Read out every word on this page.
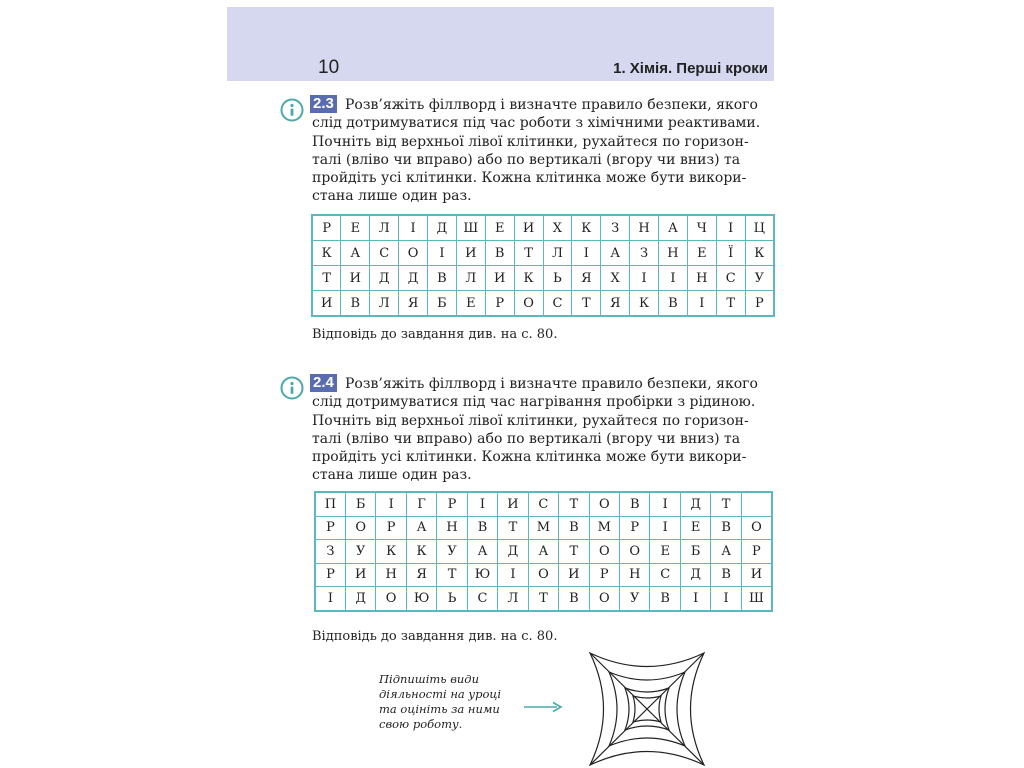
10	1. Хімія. Перші кроки
2.3 Розв’яжіть філлворд і визначте правило безпеки, якого
слід дотримуватися під час роботи з хімічними реактивами.
Почніть від верхньої лівої клітинки, рухайтеся по горизон-
талі (вліво чи вправо) або по вертикалі (вгору чи вниз) та
пройдіть усі клітинки. Кожна клітинка може бути викори-
стана лише один раз.

Р	Е	Л	І	Д	Ш	Е	И	Х	К	З	Н	А	Ч	І	Ц
К	А	С	О	І	И	В	Т	Л	І	А	З	Н	Е	Ї	К
Т	И	Д	Д	В	Л	И	К	Ь	Я	Х	І	І	Н	С	У
И	В	Л	Я	Б	Е	Р	О	С	Т	Я	К	В	І	Т	Р
Відповідь до завдання див. на с. 80.
2.4 Розв’яжіть філлворд і визначте правило безпеки, якого
слід дотримуватися під час нагрівання пробірки з рідиною.
Почніть від верхньої лівої клітинки, рухайтеся по горизон-
талі (вліво чи вправо) або по вертикалі (вгору чи вниз) та
пройдіть усі клітинки. Кожна клітинка може бути викори-
стана лише один раз.

П	Б	І	Г	Р	І	И	С	Т	О	В	І	Д	Т	
Р	О	Р	А	Н	В	Т	М	В	М	Р	І	Е	В	О
З	У	К	К	У	А	Д	А	Т	О	О	Е	Б	А	Р
Р	И	Н	Я	Т	Ю	І	О	И	Р	Н	С	Д	В	И
І	Д	О	Ю	Ь	С	Л	Т	В	О	У	В	І	І	Ш
Відповідь до завдання див. на с. 80.
Підпишіть види
діяльності на уроці
та оцініть за ними
свою роботу.
